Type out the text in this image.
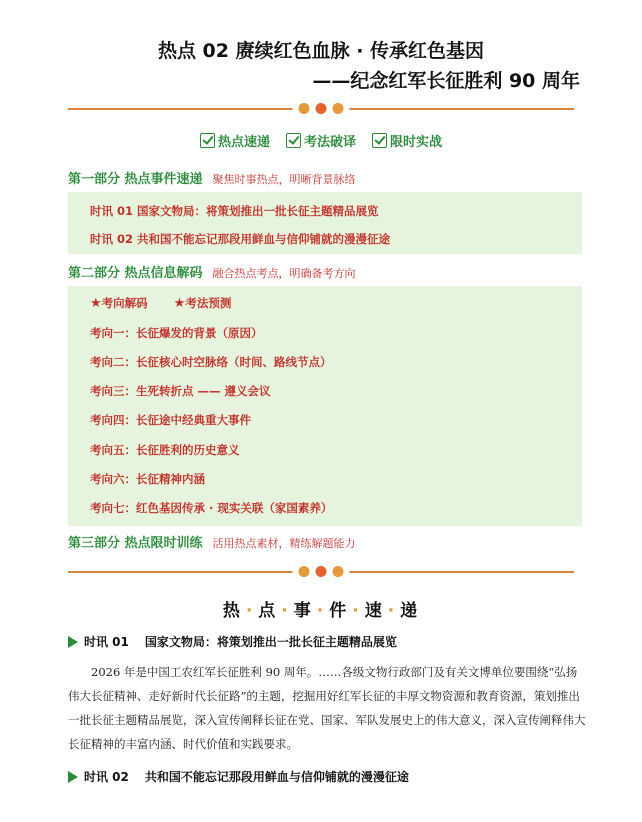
热点 02 赓续红色血脉 · 传承红色基因
——纪念红军长征胜利 90 周年
热点速递	考法破译	限时实战
第一部分 热点事件速递 聚焦时事热点，明晰背景脉络
时讯 01 国家文物局：将策划推出一批长征主题精品展览
时讯 02 共和国不能忘记那段用鲜血与信仰铺就的漫漫征途
第二部分 热点信息解码 融合热点考点，明确备考方向
★考向解码 ★考法预测
考向一：长征爆发的背景（原因）
考向二：长征核心时空脉络（时间、路线节点）
考向三：生死转折点 —— 遵义会议
考向四：长征途中经典重大事件
考向五：长征胜利的历史意义
考向六：长征精神内涵
考向七：红色基因传承 · 现实关联（家国素养）
第三部分 热点限时训练 活用热点素材，精练解题能力
热 · 点 · 事 · 件 · 速 · 递
时讯 01 国家文物局：将策划推出一批长征主题精品展览

2026 年是中国工农红军长征胜利 90 周年。……各级文物行政部门及有关文博单位要围绕“弘扬伟大长征精神、走好新时代长征路”的主题，挖掘用好红军长征的丰厚文物资源和教育资源，策划推出一批长征主题精品展览，深入宣传阐释长征在党、国家、军队发展史上的伟大意义，深入宣传阐释伟大长征精神的丰富内涵、时代价值和实践要求。

时讯 02 共和国不能忘记那段用鲜血与信仰铺就的漫漫征途
